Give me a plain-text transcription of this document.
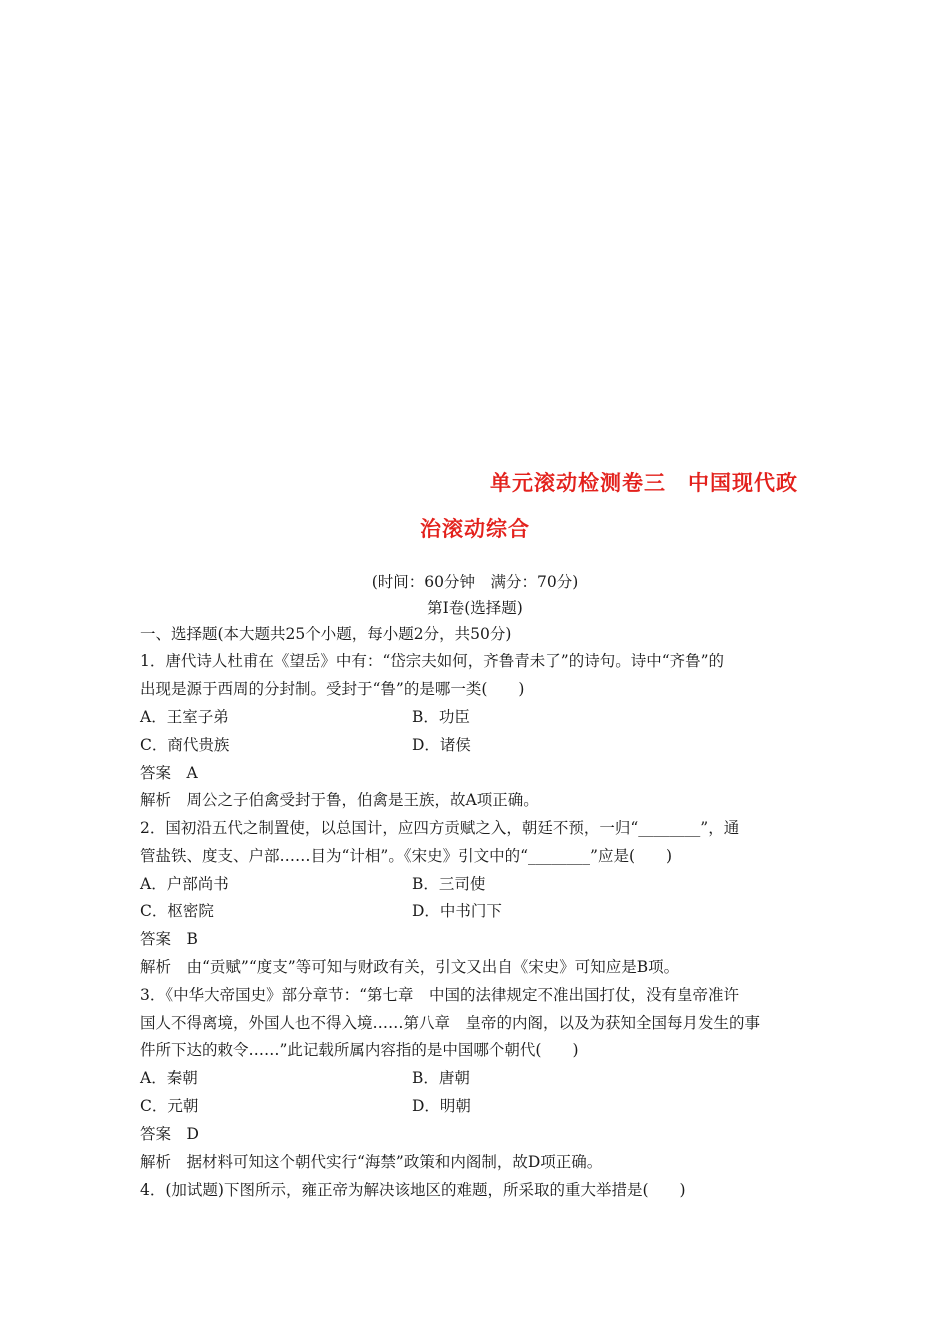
单元滚动检测卷三　中国现代政
治滚动综合
(时间：60分钟　满分：70分)
第Ⅰ卷(选择题)
一、选择题(本大题共25个小题，每小题2分，共50分)
1．唐代诗人杜甫在《望岳》中有：“岱宗夫如何，齐鲁青未了”的诗句。诗中“齐鲁”的
出现是源于西周的分封制。受封于“鲁”的是哪一类(　　)
A．王室子弟	B．功臣
C．商代贵族	D．诸侯
答案　A
解析　周公之子伯禽受封于鲁，伯禽是王族，故A项正确。
2．国初沿五代之制置使，以总国计，应四方贡赋之入，朝廷不预，一归“________”，通
管盐铁、度支、户部……目为“计相”。《宋史》引文中的“________”应是(　　)
A．户部尚书	B．三司使
C．枢密院	D．中书门下
答案　B
解析　由“贡赋”“度支”等可知与财政有关，引文又出自《宋史》可知应是B项。
3．《中华大帝国史》部分章节：“第七章　中国的法律规定不准出国打仗，没有皇帝准许
国人不得离境，外国人也不得入境……第八章　皇帝的内阁，以及为获知全国每月发生的事
件所下达的敕令……”此记载所属内容指的是中国哪个朝代(　　)
A．秦朝	B．唐朝
C．元朝	D．明朝
答案　D
解析　据材料可知这个朝代实行“海禁”政策和内阁制，故D项正确。
4．(加试题)下图所示，雍正帝为解决该地区的难题，所采取的重大举措是(　　)
